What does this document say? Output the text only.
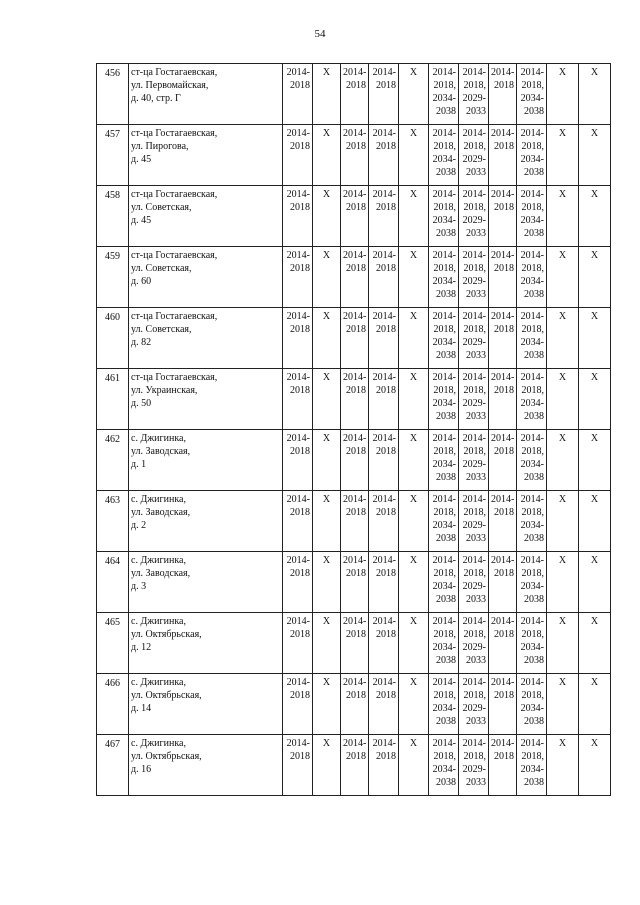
54
456	ст-ца Гостагаевская,
ул. Первомайская,
д. 40, стр. Г	2014-
2018	X	2014-
2018	2014-
2018	X	2014-
2018,
2034-
2038	2014-
2018,
2029-
2033	2014-
2018	2014-
2018,
2034-
2038	X	X
457	ст-ца Гостагаевская,
ул. Пирогова,
д. 45	2014-
2018	X	2014-
2018	2014-
2018	X	2014-
2018,
2034-
2038	2014-
2018,
2029-
2033	2014-
2018	2014-
2018,
2034-
2038	X	X
458	ст-ца Гостагаевская,
ул. Советская,
д. 45	2014-
2018	X	2014-
2018	2014-
2018	X	2014-
2018,
2034-
2038	2014-
2018,
2029-
2033	2014-
2018	2014-
2018,
2034-
2038	X	X
459	ст-ца Гостагаевская,
ул. Советская,
д. 60	2014-
2018	X	2014-
2018	2014-
2018	X	2014-
2018,
2034-
2038	2014-
2018,
2029-
2033	2014-
2018	2014-
2018,
2034-
2038	X	X
460	ст-ца Гостагаевская,
ул. Советская,
д. 82	2014-
2018	X	2014-
2018	2014-
2018	X	2014-
2018,
2034-
2038	2014-
2018,
2029-
2033	2014-
2018	2014-
2018,
2034-
2038	X	X
461	ст-ца Гостагаевская,
ул. Украинская,
д. 50	2014-
2018	X	2014-
2018	2014-
2018	X	2014-
2018,
2034-
2038	2014-
2018,
2029-
2033	2014-
2018	2014-
2018,
2034-
2038	X	X
462	с. Джигинка,
ул. Заводская,
д. 1	2014-
2018	X	2014-
2018	2014-
2018	X	2014-
2018,
2034-
2038	2014-
2018,
2029-
2033	2014-
2018	2014-
2018,
2034-
2038	X	X
463	с. Джигинка,
ул. Заводская,
д. 2	2014-
2018	X	2014-
2018	2014-
2018	X	2014-
2018,
2034-
2038	2014-
2018,
2029-
2033	2014-
2018	2014-
2018,
2034-
2038	X	X
464	с. Джигинка,
ул. Заводская,
д. 3	2014-
2018	X	2014-
2018	2014-
2018	X	2014-
2018,
2034-
2038	2014-
2018,
2029-
2033	2014-
2018	2014-
2018,
2034-
2038	X	X
465	с. Джигинка,
ул. Октябрьская,
д. 12	2014-
2018	X	2014-
2018	2014-
2018	X	2014-
2018,
2034-
2038	2014-
2018,
2029-
2033	2014-
2018	2014-
2018,
2034-
2038	X	X
466	с. Джигинка,
ул. Октябрьская,
д. 14	2014-
2018	X	2014-
2018	2014-
2018	X	2014-
2018,
2034-
2038	2014-
2018,
2029-
2033	2014-
2018	2014-
2018,
2034-
2038	X	X
467	с. Джигинка,
ул. Октябрьская,
д. 16	2014-
2018	X	2014-
2018	2014-
2018	X	2014-
2018,
2034-
2038	2014-
2018,
2029-
2033	2014-
2018	2014-
2018,
2034-
2038	X	X
